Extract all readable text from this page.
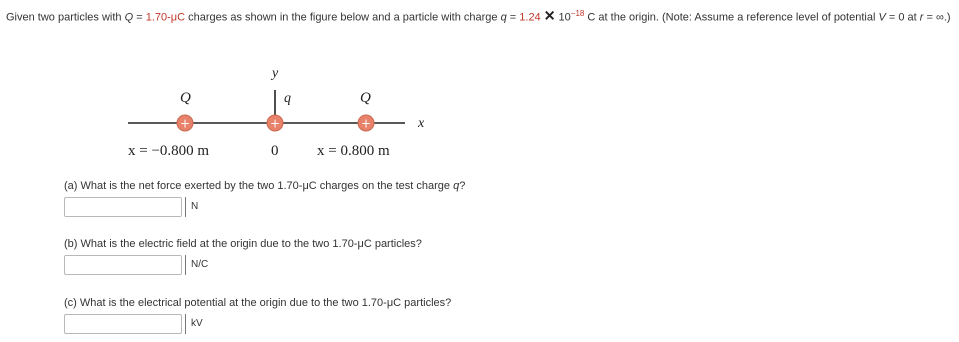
Given two particles with Q = 1.70-μC charges as shown in the figure below and a particle with charge q = 1.24 ✕ $10^{-18}$ C at the origin. (Note: Assume a reference level of potential V = 0 at r = ∞.)
y
x
Q
+
q
+
Q
+
x = −0.800 m	0	x = 0.800 m
(a) What is the net force exerted by the two 1.70-μC charges on the test charge q?
N
(b) What is the electric field at the origin due to the two 1.70-μC particles?
N/C
(c) What is the electrical potential at the origin due to the two 1.70-μC particles?
kV
